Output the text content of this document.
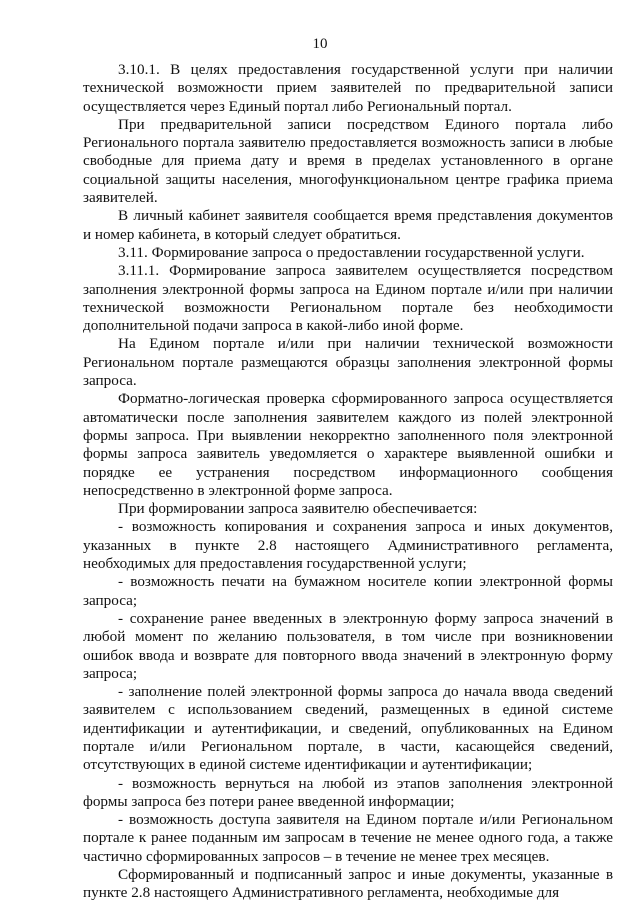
10

3.10.1. В целях предоставления государственной услуги при наличии технической возможности прием заявителей по предварительной записи осуществляется через Единый портал либо Региональный портал.

При предварительной записи посредством Единого портала либо Регионального портала заявителю предоставляется возможность записи в любые свободные для приема дату и время в пределах установленного в органе социальной защиты населения, многофункциональном центре графика приема заявителей.

В личный кабинет заявителя сообщается время представления документов и номер кабинета, в который следует обратиться.

3.11. Формирование запроса о предоставлении государственной услуги.

3.11.1. Формирование запроса заявителем осуществляется посредством заполнения электронной формы запроса на Едином портале и/или при наличии технической возможности Региональном портале без необходимости дополнительной подачи запроса в какой-либо иной форме.

На Едином портале и/или при наличии технической возможности Региональном портале размещаются образцы заполнения электронной формы запроса.

Форматно-логическая проверка сформированного запроса осуществляется автоматически после заполнения заявителем каждого из полей электронной формы запроса. При выявлении некорректно заполненного поля электронной формы запроса заявитель уведомляется о характере выявленной ошибки и порядке ее устранения посредством информационного сообщения непосредственно в электронной форме запроса.

При формировании запроса заявителю обеспечивается:

- возможность копирования и сохранения запроса и иных документов, указанных в пункте 2.8 настоящего Административного регламента, необходимых для предоставления государственной услуги;

- возможность печати на бумажном носителе копии электронной формы запроса;

- сохранение ранее введенных в электронную форму запроса значений в любой момент по желанию пользователя, в том числе при возникновении ошибок ввода и возврате для повторного ввода значений в электронную форму запроса;

- заполнение полей электронной формы запроса до начала ввода сведений заявителем с использованием сведений, размещенных в единой системе идентификации и аутентификации, и сведений, опубликованных на Едином портале и/или Региональном портале, в части, касающейся сведений, отсутствующих в единой системе идентификации и аутентификации;

- возможность вернуться на любой из этапов заполнения электронной формы запроса без потери ранее введенной информации;

- возможность доступа заявителя на Едином портале и/или Региональном портале к ранее поданным им запросам в течение не менее одного года, а также частично сформированных запросов – в течение не менее трех месяцев.

Сформированный и подписанный запрос и иные документы, указанные в пункте 2.8 настоящего Административного регламента, необходимые для
